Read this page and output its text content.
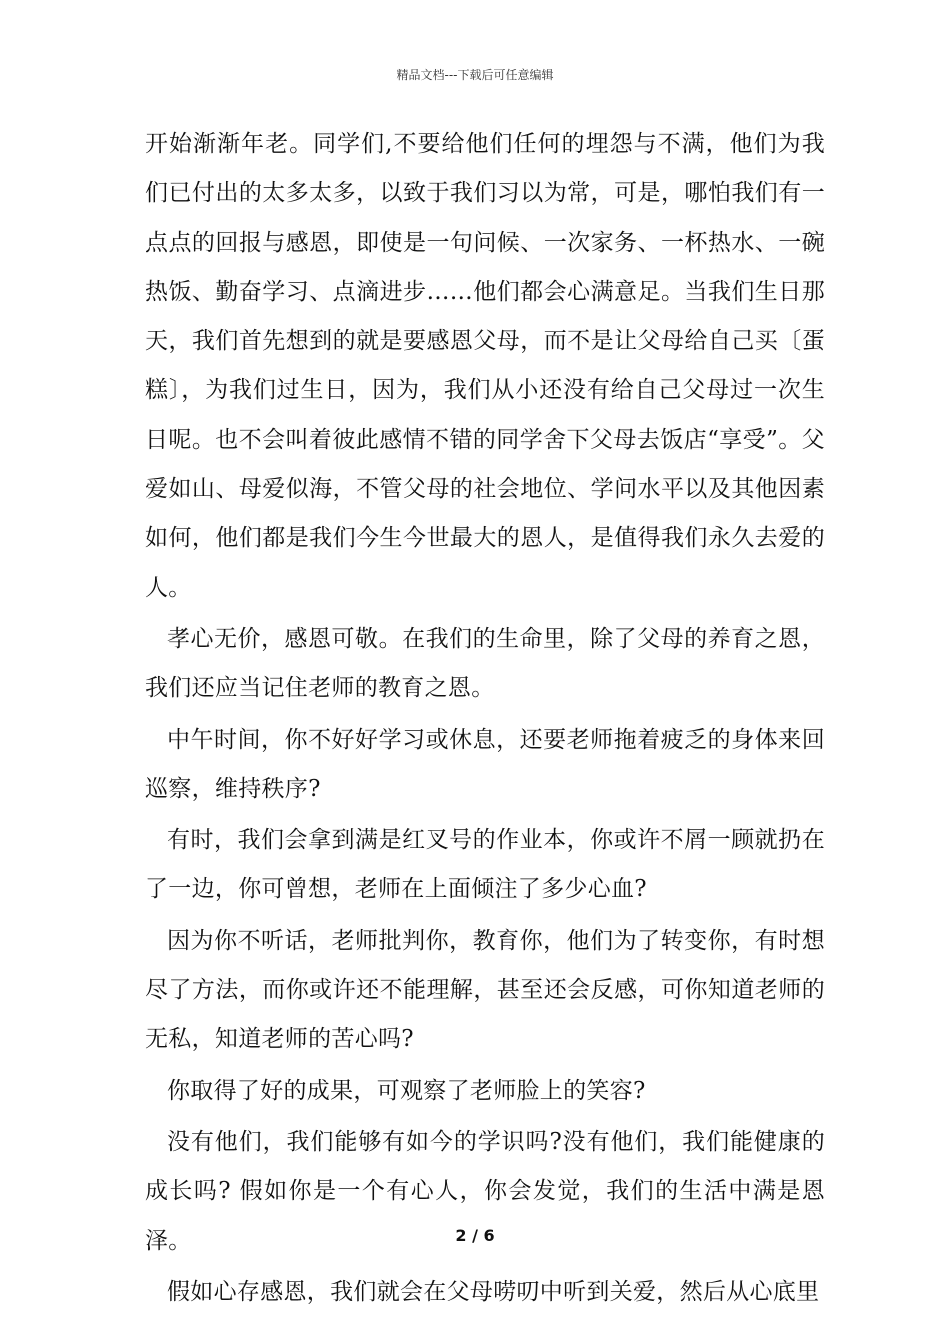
精品文档---下载后可任意编辑

开始渐渐年老。同学们,不要给他们任何的埋怨与不满，他们为我们已付出的太多太多，以致于我们习以为常，可是，哪怕我们有一点点的回报与感恩，即使是一句问候、一次家务、一杯热水、一碗热饭、勤奋学习、点滴进步……他们都会心满意足。当我们生日那天，我们首先想到的就是要感恩父母，而不是让父母给自己买〔蛋糕〕，为我们过生日，因为，我们从小还没有给自己父母过一次生日呢。也不会叫着彼此感情不错的同学舍下父母去饭店“享受”。父爱如山、母爱似海，不管父母的社会地位、学问水平以及其他因素如何，他们都是我们今生今世最大的恩人，是值得我们永久去爱的人。

孝心无价，感恩可敬。在我们的生命里，除了父母的养育之恩，我们还应当记住老师的教育之恩。

中午时间，你不好好学习或休息，还要老师拖着疲乏的身体来回巡察，维持秩序?

有时，我们会拿到满是红叉号的作业本，你或许不屑一顾就扔在了一边，你可曾想，老师在上面倾注了多少心血?

因为你不听话，老师批判你，教育你，他们为了转变你，有时想尽了方法，而你或许还不能理解，甚至还会反感，可你知道老师的无私，知道老师的苦心吗?

你取得了好的成果，可观察了老师脸上的笑容?

没有他们，我们能够有如今的学识吗?没有他们，我们能健康的成长吗? 假如你是一个有心人，你会发觉，我们的生活中满是恩泽。

假如心存感恩，我们就会在父母唠叨中听到关爱，然后从心底里

2 / 6
